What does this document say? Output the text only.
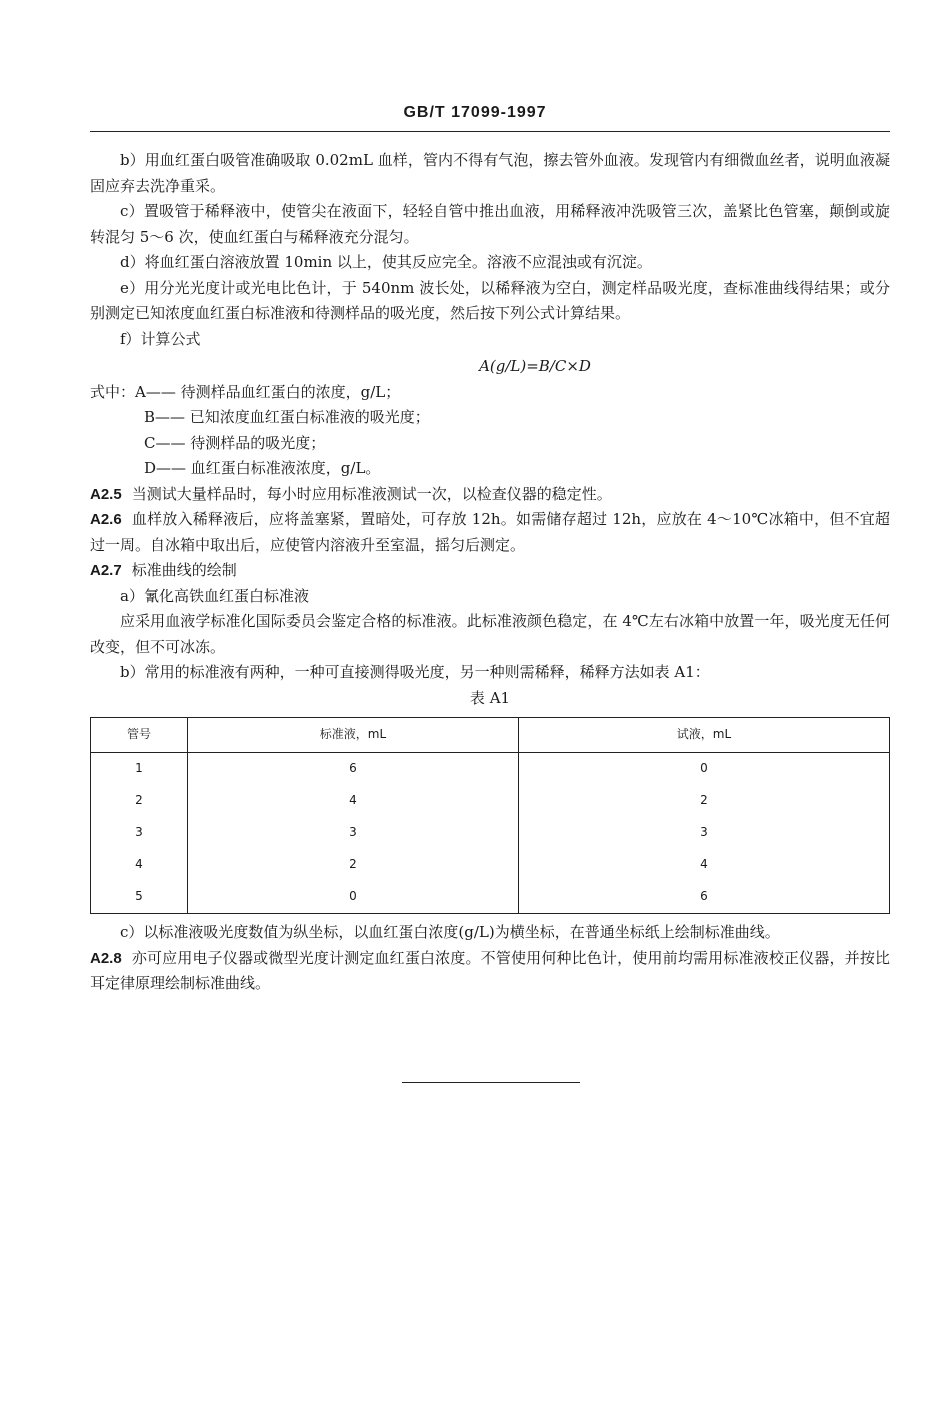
GB/T 17099-1997

b）用血红蛋白吸管准确吸取 0.02mL 血样，管内不得有气泡，擦去管外血液。发现管内有细微血丝者，说明血液凝固应弃去洗净重采。

c）置吸管于稀释液中，使管尖在液面下，轻轻自管中推出血液，用稀释液冲洗吸管三次，盖紧比色管塞，颠倒或旋转混匀 5～6 次，使血红蛋白与稀释液充分混匀。

d）将血红蛋白溶液放置 10min 以上，使其反应完全。溶液不应混浊或有沉淀。

e）用分光光度计或光电比色计，于 540nm 波长处，以稀释液为空白，测定样品吸光度，查标准曲线得结果；或分别测定已知浓度血红蛋白标准液和待测样品的吸光度，然后按下列公式计算结果。

f）计算公式

A(g/L)=B/C×D

式中：A—— 待测样品血红蛋白的浓度，g/L；

B—— 已知浓度血红蛋白标准液的吸光度；

C—— 待测样品的吸光度；

D—— 血红蛋白标准液浓度，g/L。

A2.5 当测试大量样品时，每小时应用标准液测试一次，以检查仪器的稳定性。

A2.6 血样放入稀释液后，应将盖塞紧，置暗处，可存放 12h。如需储存超过 12h，应放在 4～10℃冰箱中，但不宜超过一周。自冰箱中取出后，应使管内溶液升至室温，摇匀后测定。

A2.7 标准曲线的绘制

a）氰化高铁血红蛋白标准液

应采用血液学标准化国际委员会鉴定合格的标准液。此标准液颜色稳定，在 4℃左右冰箱中放置一年，吸光度无任何改变，但不可冰冻。

b）常用的标准液有两种，一种可直接测得吸光度，另一种则需稀释，稀释方法如表 A1：

表 A1

管号	标准液，mL	试液，mL
1	6	0
2	4	2
3	3	3
4	2	4
5	0	6

c）以标准液吸光度数值为纵坐标，以血红蛋白浓度(g/L)为横坐标，在普通坐标纸上绘制标准曲线。

A2.8 亦可应用电子仪器或微型光度计测定血红蛋白浓度。不管使用何种比色计，使用前均需用标准液校正仪器，并按比耳定律原理绘制标准曲线。
